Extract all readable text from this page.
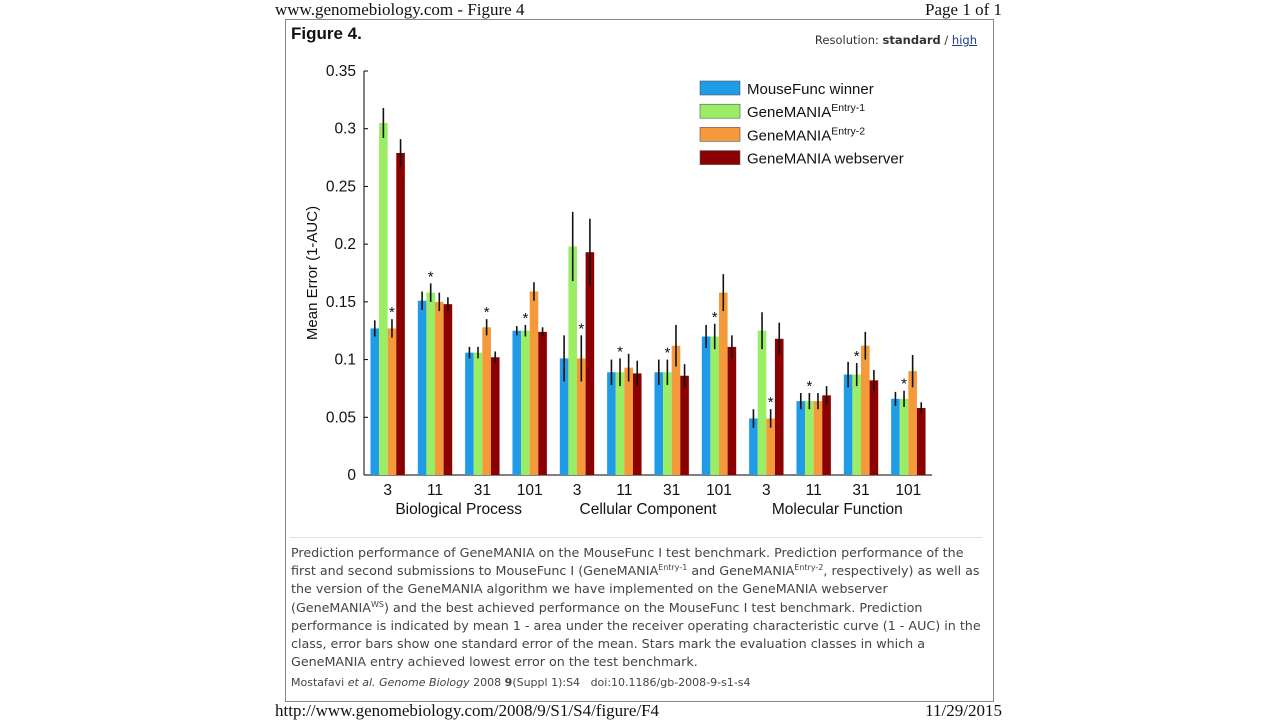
www.genomebiology.com - Figure 4	Page 1 of 1
Figure 4.	Resolution: standard / high
0
0.05
0.1
0.15
0.2
0.25
0.3
0.35
Mean Error (1-AUC)	*
*
* *
*
*	*
*
*
*
*
*
3 11 31 101 3 11 31 101 3 11 31 101
Biological Process	Cellular Component	Molecular Function
MouseFunc winner
GeneMANIA$^{Entry-1}$
GeneMANIA$^{Entry-2}$
GeneMANIA webserver
Prediction performance of GeneMANIA on the MouseFunc I test benchmark. Prediction performance of the first and second submissions to MouseFunc I (GeneMANIA$^{Entry-1}$ and GeneMANIA$^{Entry-2}$, respectively) as well as the version of the GeneMANIA algorithm we have implemented on the GeneMANIA webserver (GeneMANIA$^{WS}$) and the best achieved performance on the MouseFunc I test benchmark. Prediction performance is indicated by mean 1 - area under the receiver operating characteristic curve (1 - AUC) in the class, error bars show one standard error of the mean. Stars mark the evaluation classes in which a GeneMANIA entry achieved lowest error on the test benchmark.
Mostafavi et al. Genome Biology 2008 9(Suppl 1):S4 doi:10.1186/gb-2008-9-s1-s4
http://www.genomebiology.com/2008/9/S1/S4/figure/F4	11/29/2015
